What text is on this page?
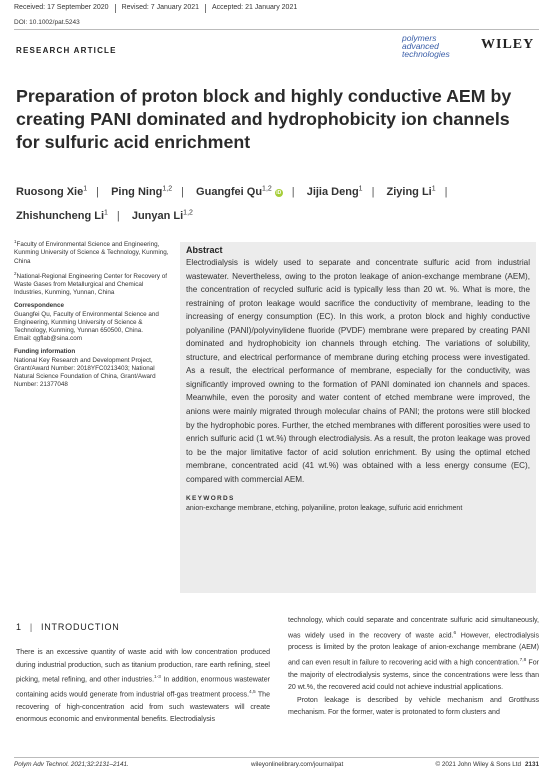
Received: 17 September 2020 Revised: 7 January 2021 Accepted: 21 January 2021
DOI: 10.1002/pat.5243
RESEARCH ARTICLE
polymers
advanced
technologies
WILEY
Preparation of proton block and highly conductive AEM by creating PANI dominated and hydrophobicity ion channels for sulfuric acid enrichment
Ruosong Xie$^1$ | Ping Ning$^{1,2}$ | Guangfei Qu$^{1,2}$iD | Jijia Deng$^1$ | Ziying Li$^1$ |
Zhishuncheng Li$^1$ | Junyan Li$^{1,2}$

$^1$Faculty of Environmental Science and Engineering, Kunming University of Science & Technology, Kunming, China

$^2$National-Regional Engineering Center for Recovery of Waste Gases from Metallurgical and Chemical Industries, Kunming, Yunnan, China

Correspondence

Guangfei Qu, Faculty of Environmental Science and Engineering, Kunming University of Science & Technology, Kunming, Yunnan 650500, China.

Email: qgflab@sina.com

Funding information

National Key Research and Development Project, Grant/Award Number: 2018YFC0213403; National Natural Science Foundation of China, Grant/Award Number: 21377048

Abstract

Electrodialysis is widely used to separate and concentrate sulfuric acid from industrial wastewater. Nevertheless, owing to the proton leakage of anion-exchange membrane (AEM), the concentration of recycled sulfuric acid is typically less than 20 wt. %. What is more, the restraining of proton leakage would sacrifice the conductivity of membrane, leading to the increasing of energy consumption (EC). In this work, a proton block and highly conductive polyaniline (PANI)/polyvinylidene fluoride (PVDF) membrane were prepared by creating PANI dominated and hydrophobicity ion channels through etching. The variations of solubility, structure, and electrical performance of membrane during etching process were investigated. As a result, the electrical performance of membrane, especially for the conductivity, was significantly improved owning to the formation of PANI dominated ion channels and spaces. Meanwhile, even the porosity and water content of etched membrane were improved, the anions were mainly migrated through molecular chains of PANI; the protons were still blocked by the hydrophobic pores. Further, the etched membranes with different porosities were used to enrich sulfuric acid (1 wt.%) through electrodialysis. As a result, the proton leakage was proved to be the major limitative factor of acid solution enrichment. By using the optimal etched membrane, concentrated acid (41 wt.%) was obtained with a less energy consume (EC), compared with commercial AEM.

KEYWORDS
anion-exchange membrane, etching, polyaniline, proton leakage, sulfuric acid enrichment
1 | INTRODUCTION

There is an excessive quantity of waste acid with low concentration produced during industrial production, such as titanium production, rare earth refining, steel picking, metal refining, and other industries.$^{1-3}$ In addition, enormous wastewater containing acids would generate from industrial off-gas treatment process.$^{4,5}$ The recovering of high-concentration acid from such wastewaters will create enormous economic and environmental benefits. Electrodialysis

technology, which could separate and concentrate sulfuric acid simultaneously, was widely used in the recovery of waste acid.$^6$ However, electrodialysis process is limited by the proton leakage of anion-exchange membrane (AEM) and can even result in failure to recovering acid with a high concentration.$^{7,8}$ For the majority of electrodialysis systems, since the concentrations were less than 20 wt.%, the recovered acid could not achieve industrial applications.
Proton leakage is described by vehicle mechanism and Grotthuss mechanism. For the former, water is protonated to form clusters and

Polym Adv Technol. 2021;32:2131–2141.	wileyonlinelibrary.com/journal/pat	© 2021 John Wiley & Sons Ltd 2131
